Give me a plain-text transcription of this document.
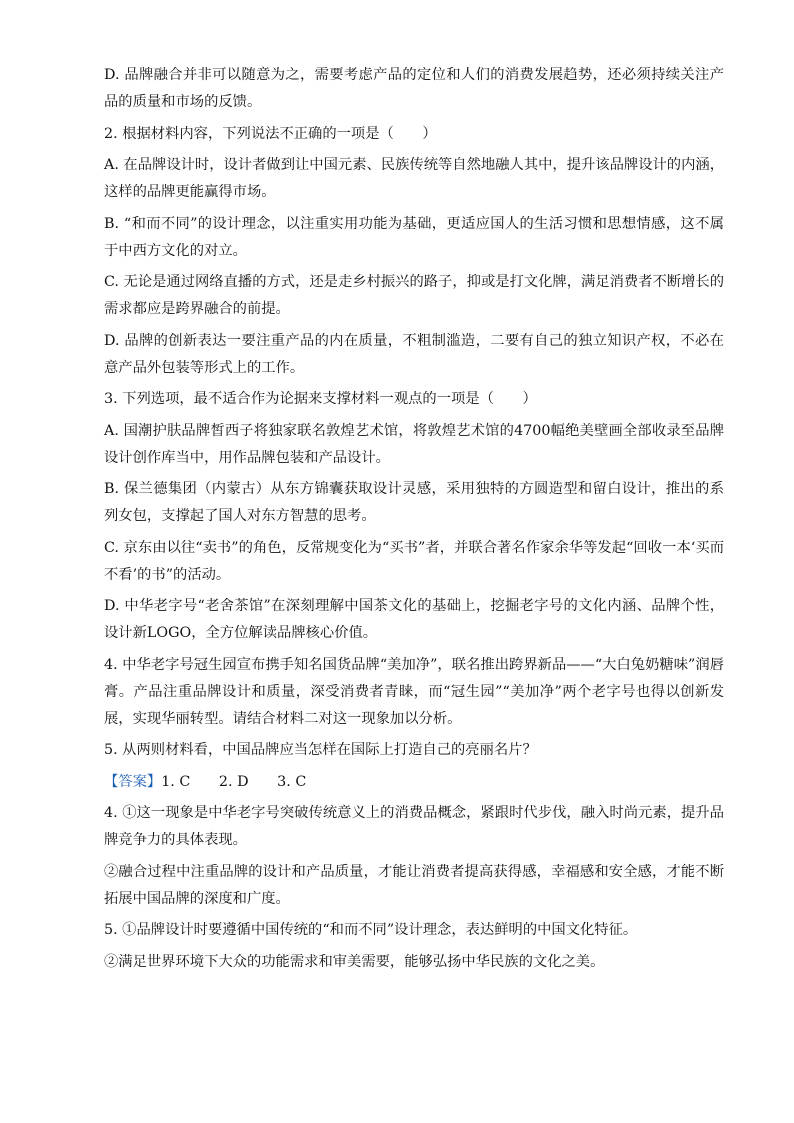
D. 品牌融合并非可以随意为之，需要考虑产品的定位和人们的消费发展趋势，还必须持续关注产品的质量和市场的反馈。

2. 根据材料内容，下列说法不正确的一项是（　　）

A. 在品牌设计时，设计者做到让中国元素、民族传统等自然地融人其中，提升该品牌设计的内涵，这样的品牌更能赢得市场。

B. “和而不同”的设计理念，以注重实用功能为基础，更适应国人的生活习惯和思想情感，这不属于中西方文化的对立。

C. 无论是通过网络直播的方式，还是走乡村振兴的路子，抑或是打文化牌，满足消费者不断增长的需求都应是跨界融合的前提。

D. 品牌的创新表达一要注重产品的内在质量，不粗制滥造，二要有自己的独立知识产权，不必在意产品外包装等形式上的工作。

3. 下列选项，最不适合作为论据来支撑材料一观点的一项是（　　）

A. 国潮护肤品牌皙西子将独家联名敦煌艺术馆，将敦煌艺术馆的4700幅绝美壁画全部收录至品牌设计创作库当中，用作品牌包装和产品设计。

B. 保兰德集团（内蒙古）从东方锦囊获取设计灵感，采用独特的方圆造型和留白设计，推出的系列女包，支撑起了国人对东方智慧的思考。

C. 京东由以往“卖书”的角色，反常规变化为“买书”者，并联合著名作家余华等发起“回收一本‘买而不看’的书”的活动。

D. 中华老字号“老舍茶馆”在深刻理解中国茶文化的基础上，挖掘老字号的文化内涵、品牌个性，设计新LOGO，全方位解读品牌核心价值。

4. 中华老字号冠生园宣布携手知名国货品牌“美加净”，联名推出跨界新品——“大白兔奶糖味”润唇膏。产品注重品牌设计和质量，深受消费者青睐，而“冠生园”“美加净”两个老字号也得以创新发展，实现华丽转型。请结合材料二对这一现象加以分析。

5. 从两则材料看，中国品牌应当怎样在国际上打造自己的亮丽名片？

【答案】1. C　　2. D　　3. C

4. ①这一现象是中华老字号突破传统意义上的消费品概念，紧跟时代步伐，融入时尚元素，提升品牌竞争力的具体表现。

②融合过程中注重品牌的设计和产品质量，才能让消费者提高获得感，幸福感和安全感，才能不断拓展中国品牌的深度和广度。

5. ①品牌设计时要遵循中国传统的“和而不同”设计理念，表达鲜明的中国文化特征。

②满足世界环境下大众的功能需求和审美需要，能够弘扬中华民族的文化之美。
